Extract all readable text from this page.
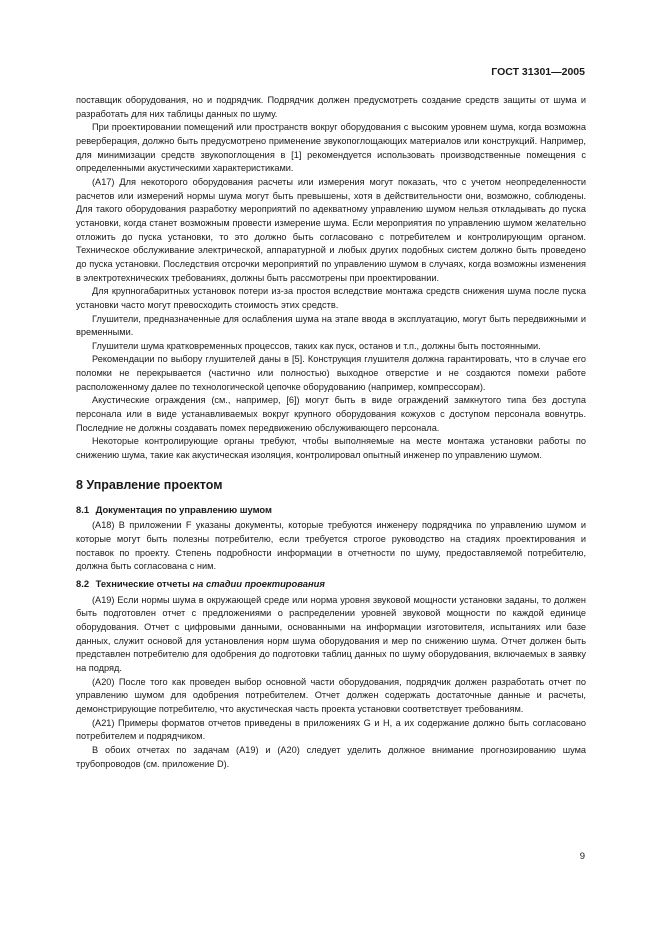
ГОСТ 31301—2005

поставщик оборудования, но и подрядчик. Подрядчик должен предусмотреть создание средств защиты от шума и разработать для них таблицы данных по шуму.

При проектировании помещений или пространств вокруг оборудования с высоким уровнем шума, когда возможна реверберация, должно быть предусмотрено применение звукопоглощающих материалов или конструкций. Например, для минимизации средств звукопоглощения в [1] рекомендуется использовать производственные помещения с определенными акустическими характеристиками.

(А17) Для некоторого оборудования расчеты или измерения могут показать, что с учетом неопределенности расчетов или измерений нормы шума могут быть превышены, хотя в действительности они, возможно, соблюдены. Для такого оборудования разработку мероприятий по адекватному управлению шумом нельзя откладывать до пуска установки, когда станет возможным провести измерение шума. Если мероприятия по управлению шумом желательно отложить до пуска установки, то это должно быть согласовано с потребителем и контролирующим органом. Техническое обслуживание электрической, аппаратурной и любых других подобных систем должно быть проведено до пуска установки. Последствия отсрочки мероприятий по управлению шумом в случаях, когда возможны изменения в электротехнических требованиях, должны быть рассмотрены при проектировании.

Для крупногабаритных установок потери из-за простоя вследствие монтажа средств снижения шума после пуска установки часто могут превосходить стоимость этих средств.

Глушители, предназначенные для ослабления шума на этапе ввода в эксплуатацию, могут быть передвижными и временными.

Глушители шума кратковременных процессов, таких как пуск, останов и т.п., должны быть постоянными.

Рекомендации по выбору глушителей даны в [5]. Конструкция глушителя должна гарантировать, что в случае его поломки не перекрывается (частично или полностью) выходное отверстие и не создаются помехи работе расположенному далее по технологической цепочке оборудованию (например, компрессорам).

Акустические ограждения (см., например, [6]) могут быть в виде ограждений замкнутого типа без доступа персонала или в виде устанавливаемых вокруг крупного оборудования кожухов с доступом персонала вовнутрь. Последние не должны создавать помех передвижению обслуживающего персонала.

Некоторые контролирующие органы требуют, чтобы выполняемые на месте монтажа установки работы по снижению шума, такие как акустическая изоляция, контролировал опытный инженер по управлению шумом.

8 Управление проектом
8.1 Документация по управлению шумом

(А18) В приложении F указаны документы, которые требуются инженеру подрядчика по управлению шумом и которые могут быть полезны потребителю, если требуется строгое руководство на стадиях проектирования и поставок по проекту. Степень подробности информации в отчетности по шуму, предоставляемой потребителю, должна быть согласована с ним.

8.2 Технические отчеты на стадии проектирования

(А19) Если нормы шума в окружающей среде или норма уровня звуковой мощности установки заданы, то должен быть подготовлен отчет с предложениями о распределении уровней звуковой мощности по каждой единице оборудования. Отчет с цифровыми данными, основанными на информации изготовителя, испытаниях или базе данных, служит основой для установления норм шума оборудования и мер по снижению шума. Отчет должен быть представлен потребителю для одобрения до подготовки таблиц данных по шуму оборудования, включаемых в заявку на подряд.

(А20) После того как проведен выбор основной части оборудования, подрядчик должен разработать отчет по управлению шумом для одобрения потребителем. Отчет должен содержать достаточные данные и расчеты, демонстрирующие потребителю, что акустическая часть проекта установки соответствует требованиям.

(А21) Примеры форматов отчетов приведены в приложениях G и H, а их содержание должно быть согласовано потребителем и подрядчиком.

В обоих отчетах по задачам (А19) и (А20) следует уделить должное внимание прогнозированию шума трубопроводов (см. приложение D).

9
